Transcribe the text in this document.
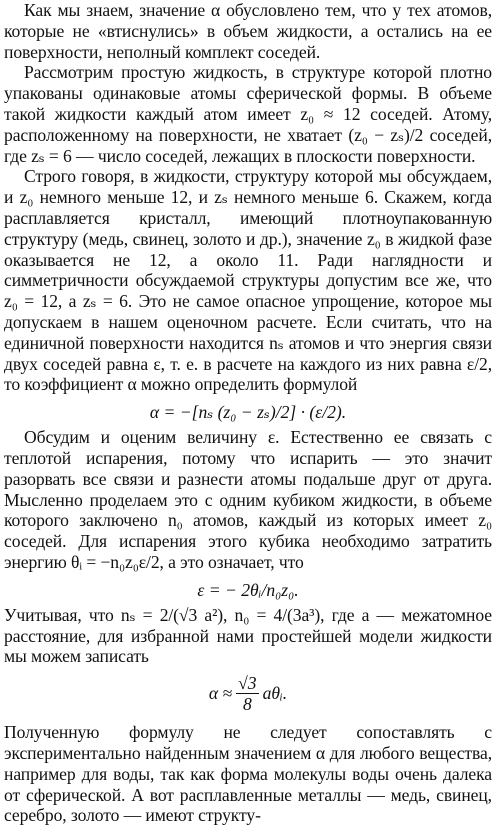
Как мы знаем, значение α обусловлено тем, что у тех атомов, которые не «втиснулись» в объем жидкости, а остались на ее поверхности, неполный комплект соседей.

Рассмотрим простую жидкость, в структуре которой плотно упакованы одинаковые атомы сферической формы. В объеме такой жидкости каждый атом имеет z₀ ≈ 12 соседей. Атому, расположенному на поверхности, не хватает (z₀ − zₛ)/2 соседей, где zₛ = 6 — число соседей, лежащих в плоскости поверхности.

Строго говоря, в жидкости, структуру которой мы обсуждаем, и z₀ немного меньше 12, и zₛ немного меньше 6. Скажем, когда расплавляется кристалл, имеющий плотноупакованную структуру (медь, свинец, золото и др.), значение z₀ в жидкой фазе оказывается не 12, а около 11. Ради наглядности и симметричности обсуждаемой структуры допустим все же, что z₀ = 12, а zₛ = 6. Это не самое опасное упрощение, которое мы допускаем в нашем оценочном расчете. Если считать, что на единичной поверхности находится nₛ атомов и что энергия связи двух соседей равна ε, т. е. в расчете на каждого из них равна ε/2, то коэффициент α можно определить формулой

α = −[nₛ (z₀ − zₛ)/2] · (ε/2).

Обсудим и оценим величину ε. Естественно ее связать с теплотой испарения, потому что испарить — это значит разорвать все связи и разнести атомы подальше друг от друга. Мысленно проделаем это с одним кубиком жидкости, в объеме которого заключено n₀ атомов, каждый из которых имеет z₀ соседей. Для испарения этого кубика необходимо затратить энергию θᵢ = −n₀z₀ε/2, а это означает, что

ε = − 2θᵢ/n₀z₀.

Учитывая, что nₛ = 2/(√3 a²), n₀ = 4/(3a³), где a — межатомное расстояние, для избранной нами простейшей модели жидкости мы можем записать

$\alpha \approx \frac{√3}{8}$ aθᵢ.

Полученную формулу не следует сопоставлять с экспериментально найденным значением α для любого вещества, например для воды, так как форма молекулы воды очень далека от сферической. А вот расплавленные металлы — медь, свинец, серебро, золото — имеют структу-
